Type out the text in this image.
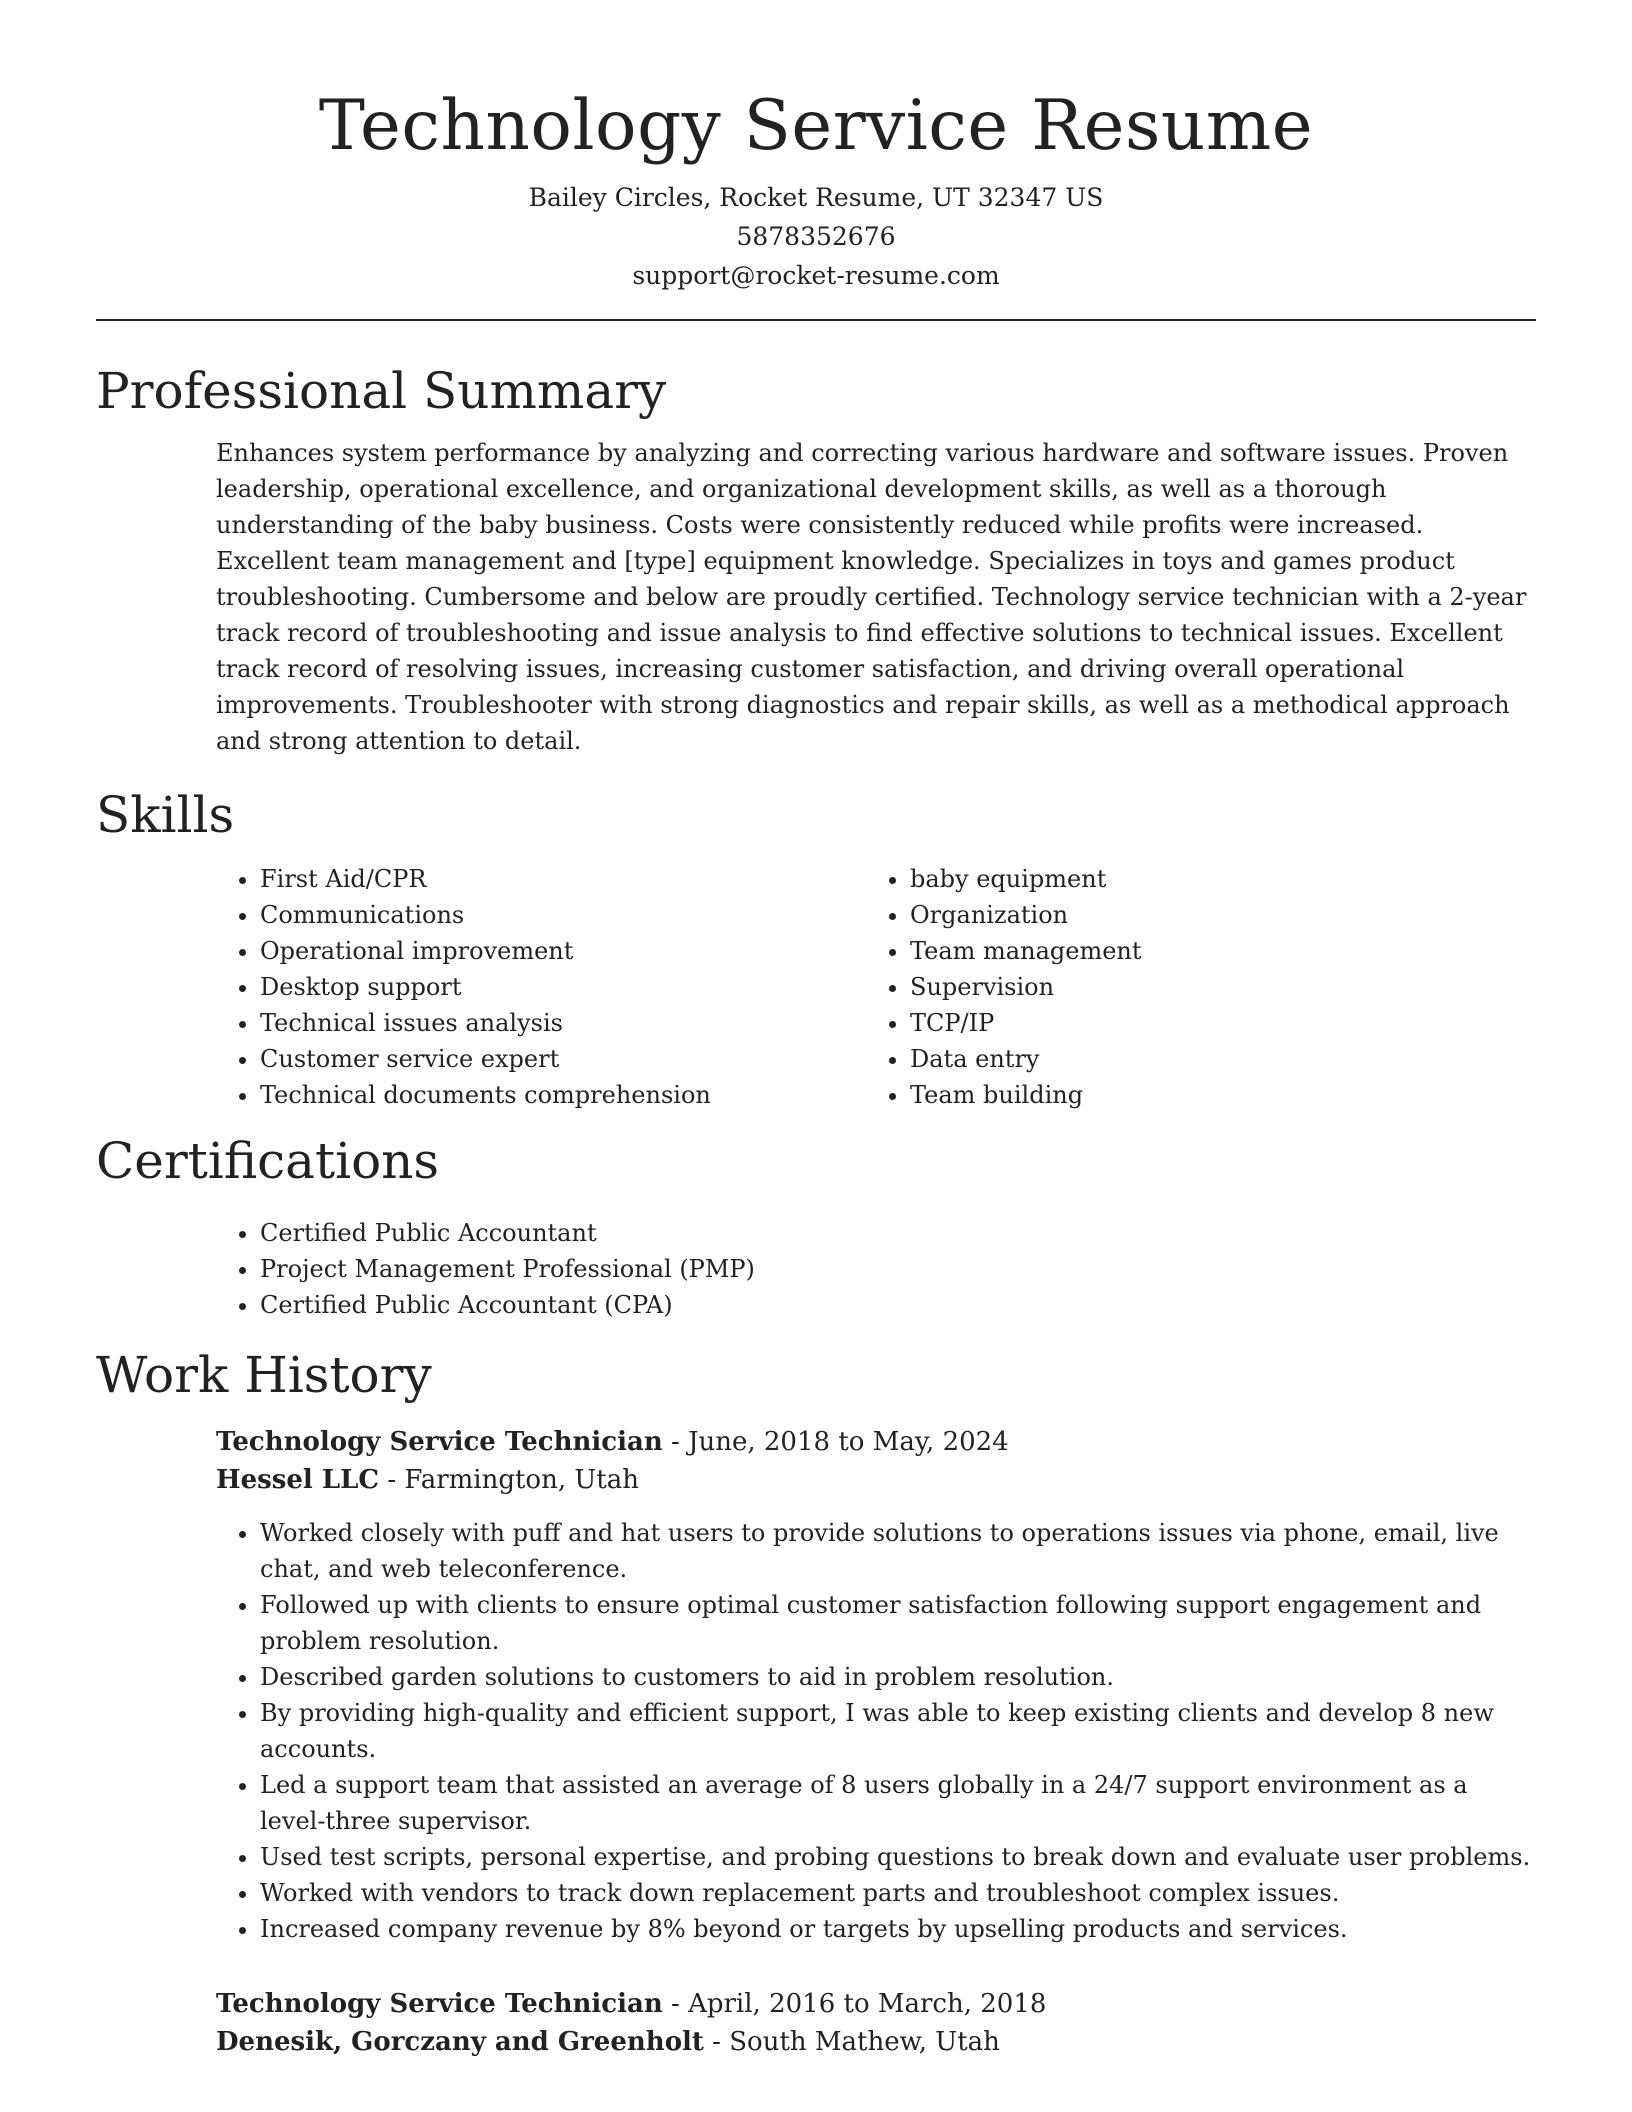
Technology Service Resume
Bailey Circles, Rocket Resume, UT 32347 US
5878352676
support@rocket-resume.com
Professional Summary

Enhances system performance by analyzing and correcting various hardware and software issues. Proven leadership, operational excellence, and organizational development skills, as well as a thorough understanding of the baby business. Costs were consistently reduced while profits were increased. Excellent team management and [type] equipment knowledge. Specializes in toys and games product troubleshooting. Cumbersome and below are proudly certified. Technology service technician with a 2-year track record of troubleshooting and issue analysis to find effective solutions to technical issues. Excellent track record of resolving issues, increasing customer satisfaction, and driving overall operational improvements. Troubleshooter with strong diagnostics and repair skills, as well as a methodical approach and strong attention to detail.

Skills
• First Aid/CPR
• Communications
• Operational improvement
• Desktop support
• Technical issues analysis
• Customer service expert
• Technical documents comprehension
• baby equipment
• Organization
• Team management
• Supervision
• TCP/IP
• Data entry
• Team building
Certifications
• Certified Public Accountant
• Project Management Professional (PMP)
• Certified Public Accountant (CPA)
Work History
Technology Service Technician - June, 2018 to May, 2024
Hessel LLC - Farmington, Utah
• Worked closely with puff and hat users to provide solutions to operations issues via phone, email, live chat, and web teleconference.
• Followed up with clients to ensure optimal customer satisfaction following support engagement and problem resolution.
• Described garden solutions to customers to aid in problem resolution.
• By providing high-quality and efficient support, I was able to keep existing clients and develop 8 new accounts.
• Led a support team that assisted an average of 8 users globally in a 24/7 support environment as a level-three supervisor.
• Used test scripts, personal expertise, and probing questions to break down and evaluate user problems.
• Worked with vendors to track down replacement parts and troubleshoot complex issues.
• Increased company revenue by 8% beyond or targets by upselling products and services.
Technology Service Technician - April, 2016 to March, 2018
Denesik, Gorczany and Greenholt - South Mathew, Utah
